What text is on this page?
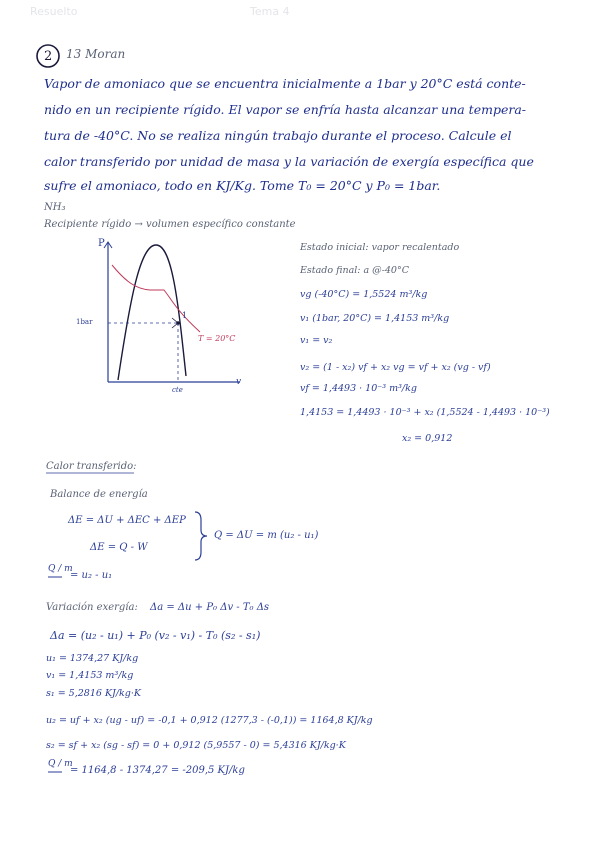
Resuelto	Tema 4
2 13 Moran
Vapor de amoniaco que se encuentra inicialmente a 1bar y 20°C está conte-
nido en un recipiente rígido. El vapor se enfría hasta alcanzar una tempera-
tura de -40°C. No se realiza ningún trabajo durante el proceso. Calcule el
calor transferido por unidad de masa y la variación de exergía específica que
sufre el amoniaco, todo en KJ/Kg. Tome T₀ = 20°C y P₀ = 1bar.
NH₃
Recipiente rígido → volumen específico constante
P
1bar
1
T = 20°C
v
cte
Estado inicial: vapor recalentado
Estado final: a @-40°C
vg (-40°C) = 1,5524 m³/kg
v₁ (1bar, 20°C) = 1,4153 m³/kg
v₁ = v₂
v₂ = (1 - x₂) vf + x₂ vg = vf + x₂ (vg - vf)
vf = 1,4493 · 10⁻³ m³/kg
1,4153 = 1,4493 · 10⁻³ + x₂ (1,5524 - 1,4493 · 10⁻³)
x₂ = 0,912
Calor transferido:
Balance de energía
ΔE = ΔU + ΔEC + ΔEP
ΔE = Q - W
Q = ΔU = m (u₂ - u₁)
Q / m
= u₂ - u₁
Variación exergía: Δa = Δu + P₀ Δv - T₀ Δs
Δa = (u₂ - u₁) + P₀ (v₂ - v₁) - T₀ (s₂ - s₁)
u₁ = 1374,27 KJ/kg
v₁ = 1,4153 m³/kg
s₁ = 5,2816 KJ/kg·K
u₂ = uf + x₂ (ug - uf) = -0,1 + 0,912 (1277,3 - (-0,1)) = 1164,8 KJ/kg
s₂ = sf + x₂ (sg - sf) = 0 + 0,912 (5,9557 - 0) = 5,4316 KJ/kg·K
Q / m
= 1164,8 - 1374,27 = -209,5 KJ/kg
